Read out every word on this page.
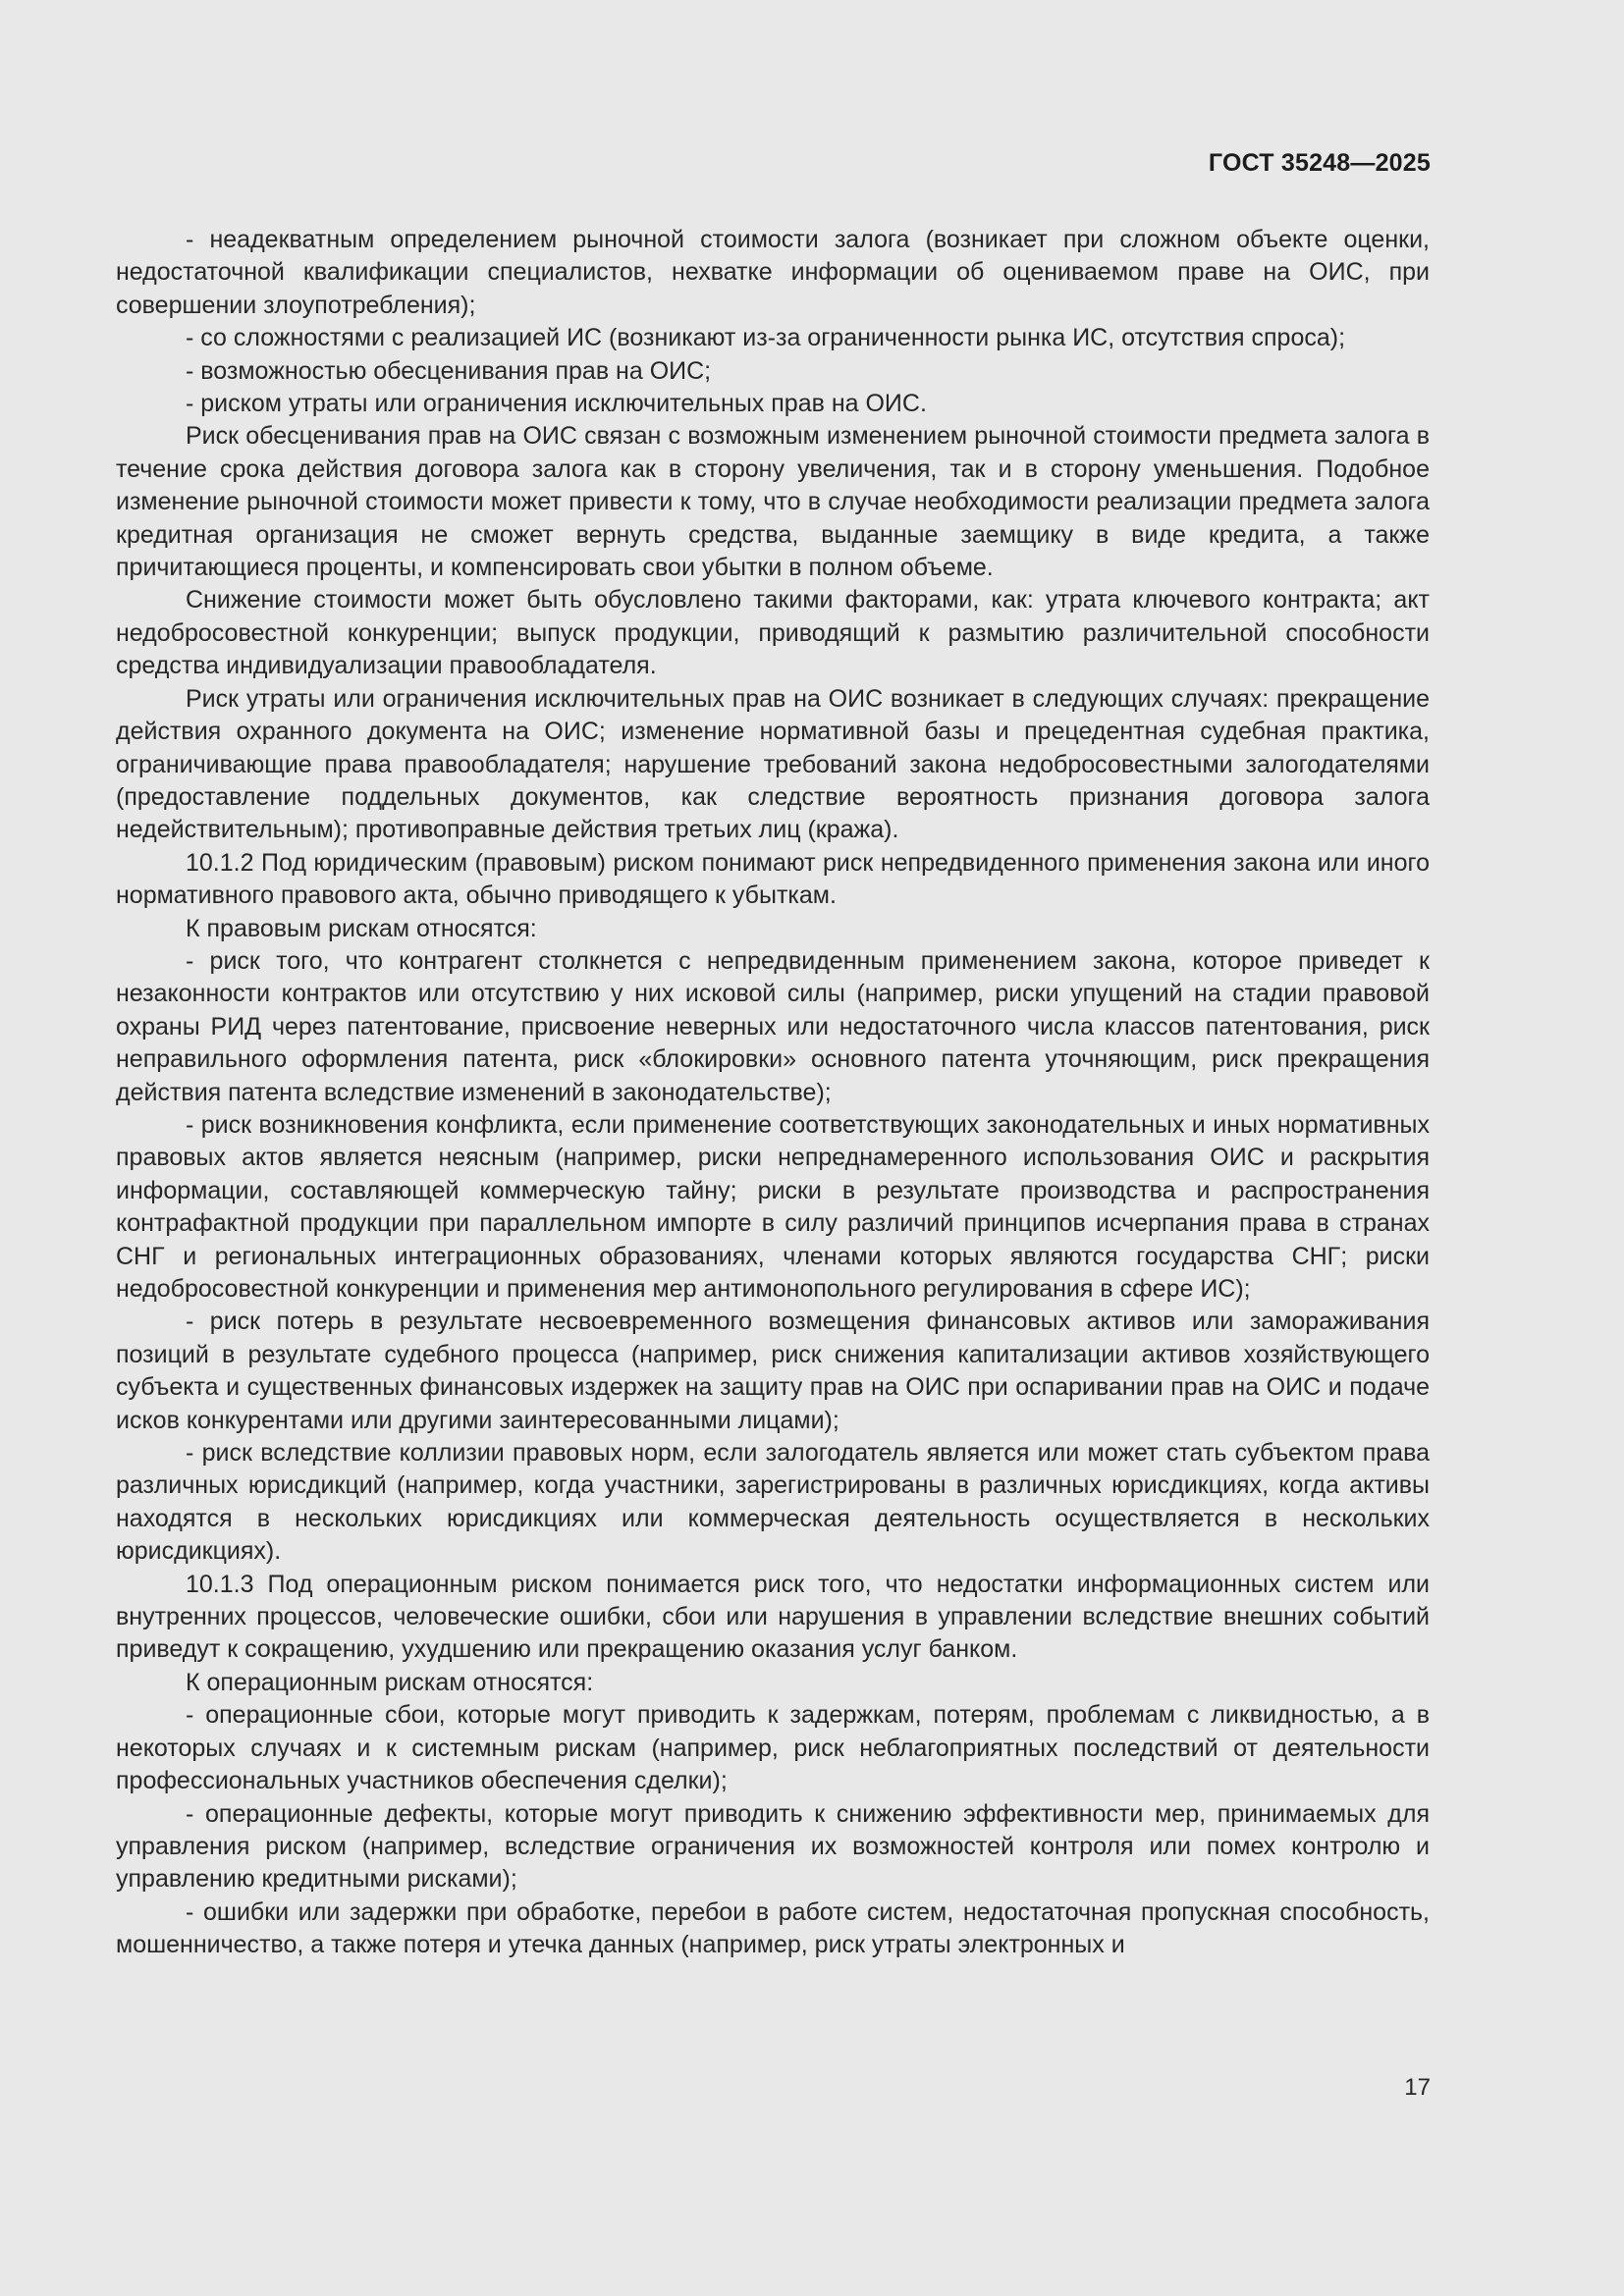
ГОСТ 35248—2025

- неадекватным определением рыночной стоимости залога (возникает при сложном объекте оценки, недостаточной квалификации специалистов, нехватке информации об оцениваемом праве на ОИС, при совершении злоупотребления);

- со сложностями с реализацией ИС (возникают из-за ограниченности рынка ИС, отсутствия спроса);

- возможностью обесценивания прав на ОИС;

- риском утраты или ограничения исключительных прав на ОИС.

Риск обесценивания прав на ОИС связан с возможным изменением рыночной стоимости предмета залога в течение срока действия договора залога как в сторону увеличения, так и в сторону уменьшения. Подобное изменение рыночной стоимости может привести к тому, что в случае необходимости реализации предмета залога кредитная организация не сможет вернуть средства, выданные заемщику в виде кредита, а также причитающиеся проценты, и компенсировать свои убытки в полном объеме.

Снижение стоимости может быть обусловлено такими факторами, как: утрата ключевого контракта; акт недобросовестной конкуренции; выпуск продукции, приводящий к размытию различительной способности средства индивидуализации правообладателя.

Риск утраты или ограничения исключительных прав на ОИС возникает в следующих случаях: прекращение действия охранного документа на ОИС; изменение нормативной базы и прецедентная судебная практика, ограничивающие права правообладателя; нарушение требований закона недобросовестными залогодателями (предоставление поддельных документов, как следствие вероятность признания договора залога недействительным); противоправные действия третьих лиц (кража).

10.1.2 Под юридическим (правовым) риском понимают риск непредвиденного применения закона или иного нормативного правового акта, обычно приводящего к убыткам.

К правовым рискам относятся:

- риск того, что контрагент столкнется с непредвиденным применением закона, которое приведет к незаконности контрактов или отсутствию у них исковой силы (например, риски упущений на стадии правовой охраны РИД через патентование, присвоение неверных или недостаточного числа классов патентования, риск неправильного оформления патента, риск «блокировки» основного патента уточняющим, риск прекращения действия патента вследствие изменений в законодательстве);

- риск возникновения конфликта, если применение соответствующих законодательных и иных нормативных правовых актов является неясным (например, риски непреднамеренного использования ОИС и раскрытия информации, составляющей коммерческую тайну; риски в результате производства и распространения контрафактной продукции при параллельном импорте в силу различий принципов исчерпания права в странах СНГ и региональных интеграционных образованиях, членами которых являются государства СНГ; риски недобросовестной конкуренции и применения мер антимонопольного регулирования в сфере ИС);

- риск потерь в результате несвоевременного возмещения финансовых активов или замораживания позиций в результате судебного процесса (например, риск снижения капитализации активов хозяйствующего субъекта и существенных финансовых издержек на защиту прав на ОИС при оспаривании прав на ОИС и подаче исков конкурентами или другими заинтересованными лицами);

- риск вследствие коллизии правовых норм, если залогодатель является или может стать субъектом права различных юрисдикций (например, когда участники, зарегистрированы в различных юрисдикциях, когда активы находятся в нескольких юрисдикциях или коммерческая деятельность осуществляется в нескольких юрисдикциях).

10.1.3 Под операционным риском понимается риск того, что недостатки информационных систем или внутренних процессов, человеческие ошибки, сбои или нарушения в управлении вследствие внешних событий приведут к сокращению, ухудшению или прекращению оказания услуг банком.

К операционным рискам относятся:

- операционные сбои, которые могут приводить к задержкам, потерям, проблемам с ликвидностью, а в некоторых случаях и к системным рискам (например, риск неблагоприятных последствий от деятельности профессиональных участников обеспечения сделки);

- операционные дефекты, которые могут приводить к снижению эффективности мер, принимаемых для управления риском (например, вследствие ограничения их возможностей контроля или помех контролю и управлению кредитными рисками);

- ошибки или задержки при обработке, перебои в работе систем, недостаточная пропускная способность, мошенничество, а также потеря и утечка данных (например, риск утраты электронных и

17
